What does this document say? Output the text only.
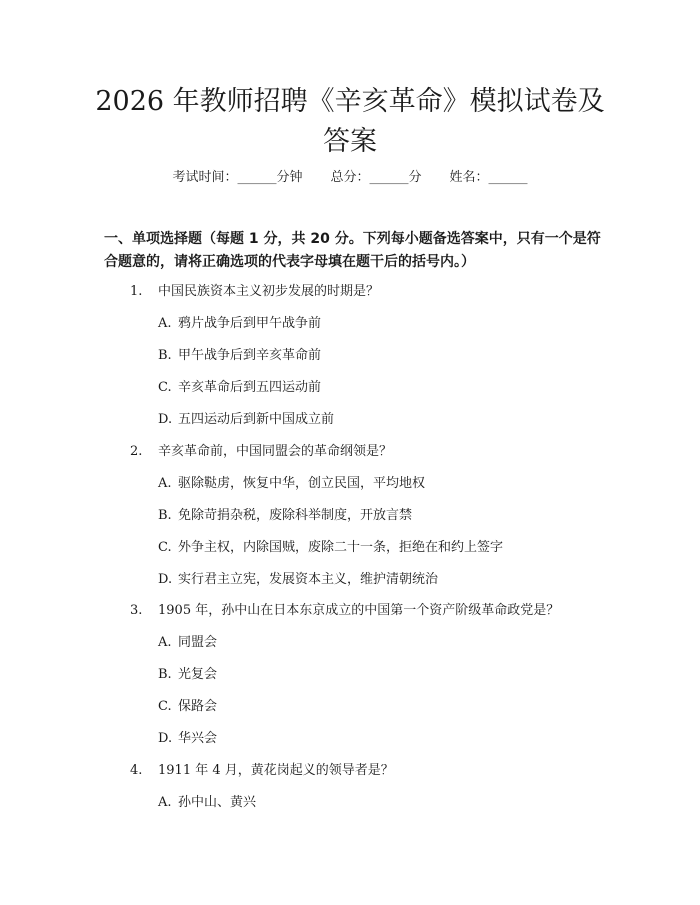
2026 年教师招聘《辛亥革命》模拟试卷及答案
考试时间：______分钟 总分：______分 姓名：______

一、单项选择题（每题 1 分，共 20 分。下列每小题备选答案中，只有一个是符合题意的，请将正确选项的代表字母填在题干后的括号内。）

1. 中国民族资本主义初步发展的时期是？
A. 鸦片战争后到甲午战争前
B. 甲午战争后到辛亥革命前
C. 辛亥革命后到五四运动前
D. 五四运动后到新中国成立前
2. 辛亥革命前，中国同盟会的革命纲领是？
A. 驱除鞑虏，恢复中华，创立民国，平均地权
B. 免除苛捐杂税，废除科举制度，开放言禁
C. 外争主权，内除国贼，废除二十一条，拒绝在和约上签字
D. 实行君主立宪，发展资本主义，维护清朝统治
3. 1905 年，孙中山在日本东京成立的中国第一个资产阶级革命政党是？
A. 同盟会
B. 光复会
C. 保路会
D. 华兴会
4. 1911 年 4 月，黄花岗起义的领导者是？
A. 孙中山、黄兴
